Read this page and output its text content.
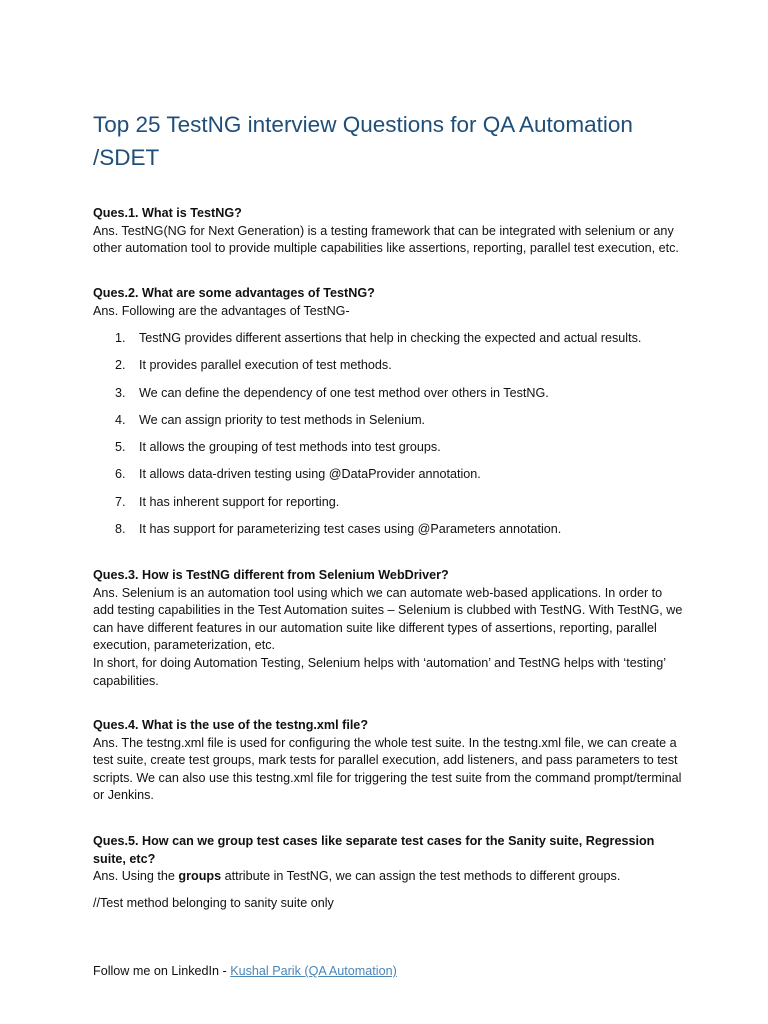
Top 25 TestNG interview Questions for QA Automation /SDET
Ques.1. What is TestNG?
Ans. TestNG(NG for Next Generation) is a testing framework that can be integrated with selenium or any other automation tool to provide multiple capabilities like assertions, reporting, parallel test execution, etc.
Ques.2. What are some advantages of TestNG?
Ans. Following are the advantages of TestNG-
1. TestNG provides different assertions that help in checking the expected and actual results.
2. It provides parallel execution of test methods.
3. We can define the dependency of one test method over others in TestNG.
4. We can assign priority to test methods in Selenium.
5. It allows the grouping of test methods into test groups.
6. It allows data-driven testing using @DataProvider annotation.
7. It has inherent support for reporting.
8. It has support for parameterizing test cases using @Parameters annotation.
Ques.3. How is TestNG different from Selenium WebDriver?
Ans. Selenium is an automation tool using which we can automate web-based applications. In order to add testing capabilities in the Test Automation suites – Selenium is clubbed with TestNG. With TestNG, we can have different features in our automation suite like different types of assertions, reporting, parallel execution, parameterization, etc.
In short, for doing Automation Testing, Selenium helps with ‘automation’ and TestNG helps with ‘testing’ capabilities.
Ques.4. What is the use of the testng.xml file?
Ans. The testng.xml file is used for configuring the whole test suite. In the testng.xml file, we can create a test suite, create test groups, mark tests for parallel execution, add listeners, and pass parameters to test scripts. We can also use this testng.xml file for triggering the test suite from the command prompt/terminal or Jenkins.
Ques.5. How can we group test cases like separate test cases for the Sanity suite, Regression suite, etc?
Ans. Using the groups attribute in TestNG, we can assign the test methods to different groups.
//Test method belonging to sanity suite only
Follow me on LinkedIn - Kushal Parik (QA Automation)
